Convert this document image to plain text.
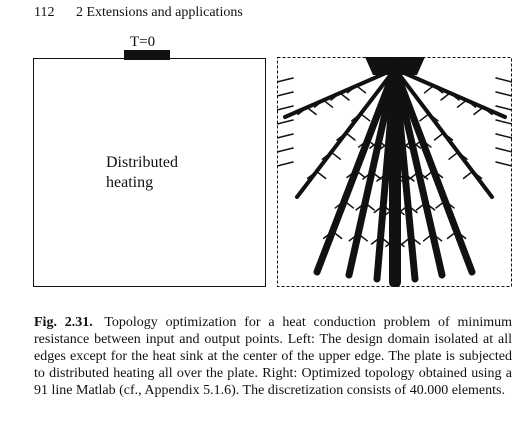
112 2 Extensions and applications
T=0
Distributed
heating
Fig. 2.31. Topology optimization for a heat conduction problem of minimum resistance between input and output points. Left: The design domain isolated at all edges except for the heat sink at the center of the upper edge. The plate is subjected to distributed heating all over the plate. Right: Optimized topology obtained using a 91 line Matlab (cf., Appendix 5.1.6). The discretization consists of 40.000 elements.
